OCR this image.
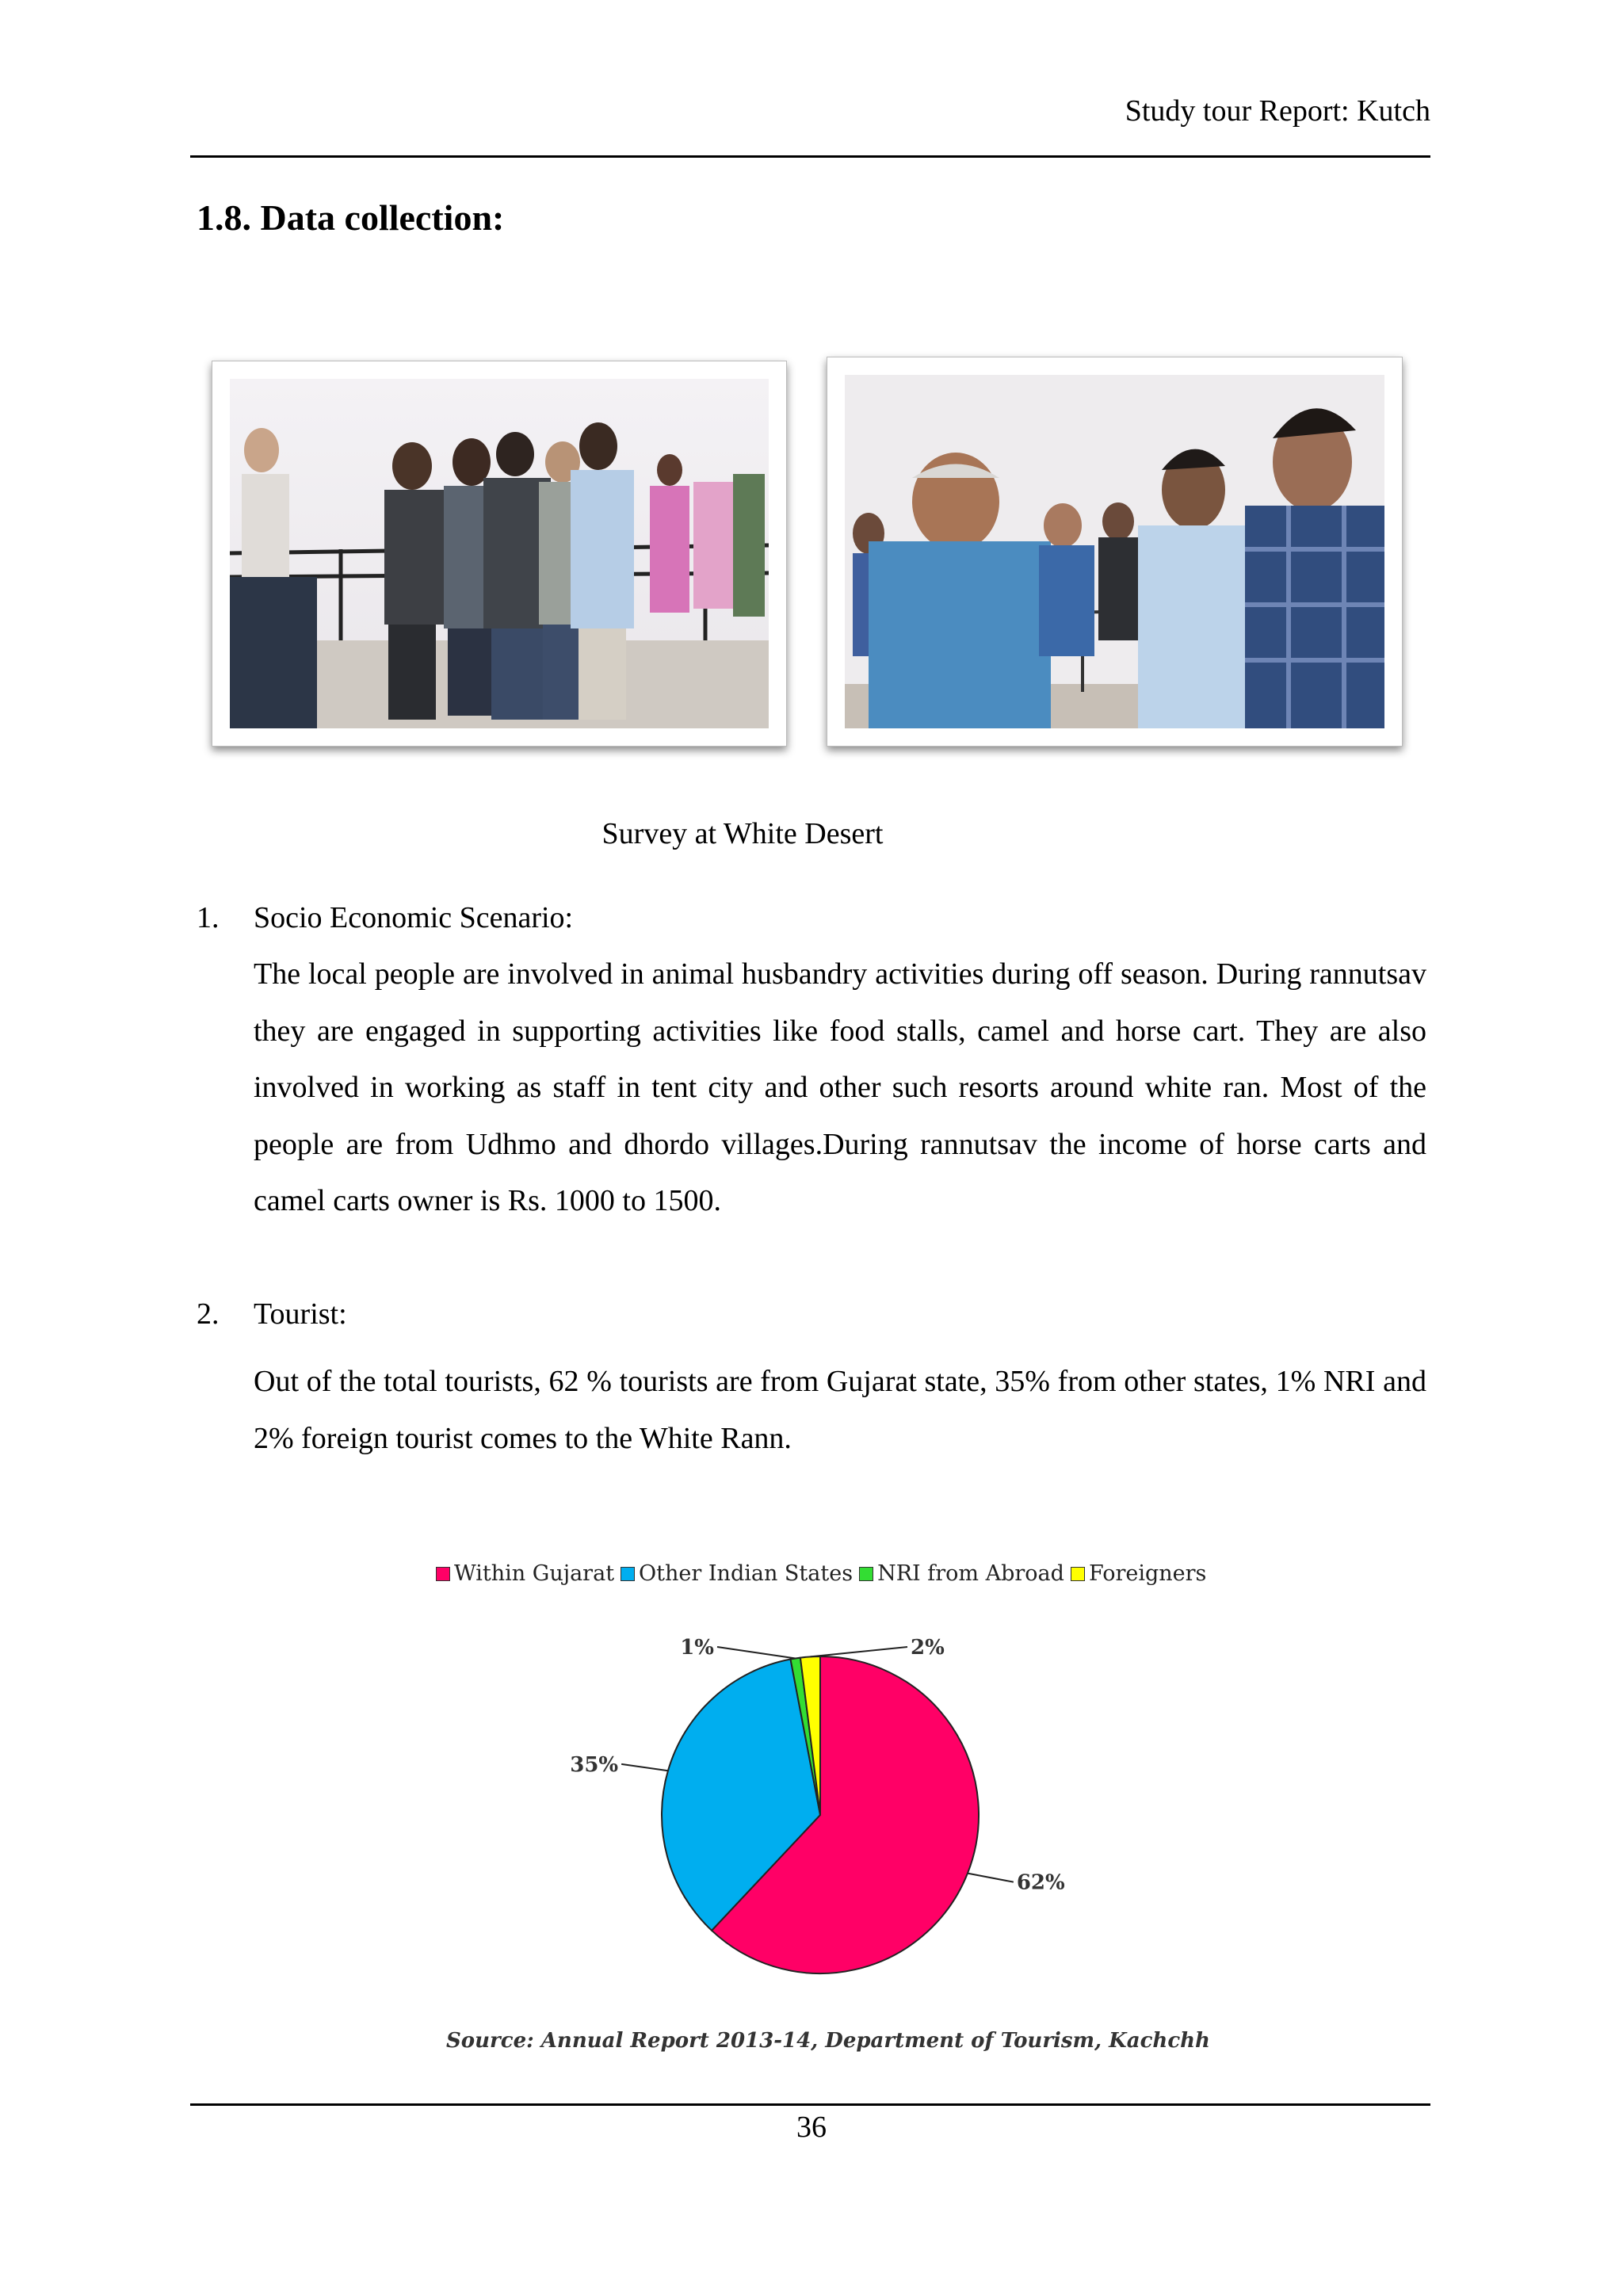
Study tour Report: Kutch
1.8. Data collection:
Survey at White Desert
1. Socio Economic Scenario:
The local people are involved in animal husbandry activities during off season. During rannutsav they are engaged in supporting activities like food stalls, camel and horse cart. They are also involved in working as staff in tent city and other such resorts around white ran. Most of the people are from Udhmo and dhordo villages.During rannutsav the income of horse carts and camel carts owner is Rs. 1000 to 1500.
2. Tourist:
Out of the total tourists, 62 % tourists are from Gujarat state, 35% from other states, 1% NRI and 2% foreign tourist comes to the White Rann.
Within Gujarat Other Indian States NRI from Abroad Foreigners
62%
35%
1%	2%
Source: Annual Report 2013-14, Department of Tourism, Kachchh
36
